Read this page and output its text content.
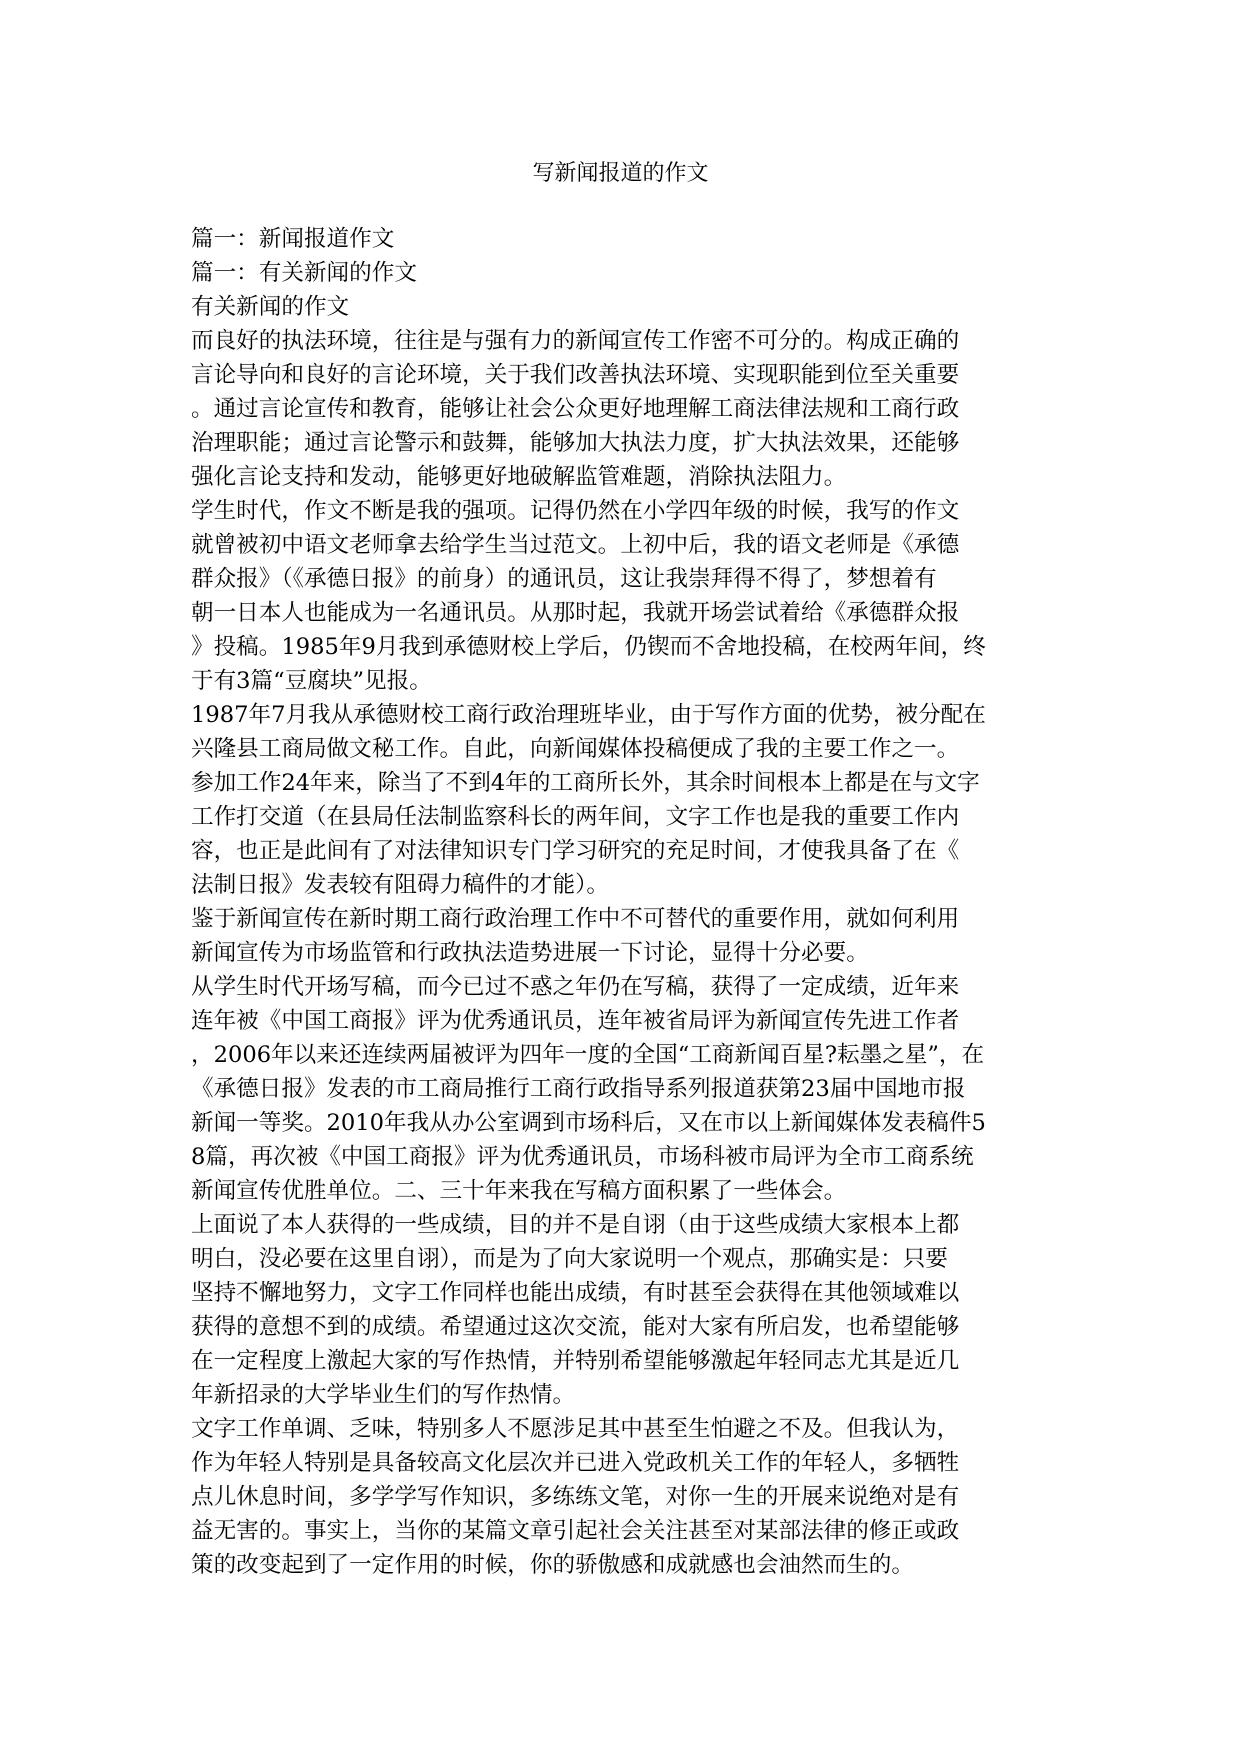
写新闻报道的作文
篇一：新闻报道作文
篇一：有关新闻的作文
有关新闻的作文
而良好的执法环境，往往是与强有力的新闻宣传工作密不可分的。构成正确的
言论导向和良好的言论环境，关于我们改善执法环境、实现职能到位至关重要
。通过言论宣传和教育，能够让社会公众更好地理解工商法律法规和工商行政
治理职能；通过言论警示和鼓舞，能够加大执法力度，扩大执法效果，还能够
强化言论支持和发动，能够更好地破解监管难题，消除执法阻力。
学生时代，作文不断是我的强项。记得仍然在小学四年级的时候，我写的作文
就曾被初中语文老师拿去给学生当过范文。上初中后，我的语文老师是《承德
群众报》（《承德日报》的前身）的通讯员，这让我崇拜得不得了，梦想着有
朝一日本人也能成为一名通讯员。从那时起，我就开场尝试着给《承德群众报
》投稿。1985年9月我到承德财校上学后，仍锲而不舍地投稿，在校两年间，终
于有3篇“豆腐块”见报。
1987年7月我从承德财校工商行政治理班毕业，由于写作方面的优势，被分配在
兴隆县工商局做文秘工作。自此，向新闻媒体投稿便成了我的主要工作之一。
参加工作24年来，除当了不到4年的工商所长外，其余时间根本上都是在与文字
工作打交道（在县局任法制监察科长的两年间，文字工作也是我的重要工作内
容，也正是此间有了对法律知识专门学习研究的充足时间，才使我具备了在《
法制日报》发表较有阻碍力稿件的才能）。
鉴于新闻宣传在新时期工商行政治理工作中不可替代的重要作用，就如何利用
新闻宣传为市场监管和行政执法造势进展一下讨论，显得十分必要。
从学生时代开场写稿，而今已过不惑之年仍在写稿，获得了一定成绩，近年来
连年被《中国工商报》评为优秀通讯员，连年被省局评为新闻宣传先进工作者
，2006年以来还连续两届被评为四年一度的全国“工商新闻百星?耘墨之星”，在
《承德日报》发表的市工商局推行工商行政指导系列报道获第23届中国地市报
新闻一等奖。2010年我从办公室调到市场科后，又在市以上新闻媒体发表稿件5
8篇，再次被《中国工商报》评为优秀通讯员，市场科被市局评为全市工商系统
新闻宣传优胜单位。二、三十年来我在写稿方面积累了一些体会。
上面说了本人获得的一些成绩，目的并不是自诩（由于这些成绩大家根本上都
明白，没必要在这里自诩），而是为了向大家说明一个观点，那确实是：只要
坚持不懈地努力，文字工作同样也能出成绩，有时甚至会获得在其他领域难以
获得的意想不到的成绩。希望通过这次交流，能对大家有所启发，也希望能够
在一定程度上激起大家的写作热情，并特别希望能够激起年轻同志尤其是近几
年新招录的大学毕业生们的写作热情。
文字工作单调、乏味，特别多人不愿涉足其中甚至生怕避之不及。但我认为，
作为年轻人特别是具备较高文化层次并已进入党政机关工作的年轻人，多牺牲
点儿休息时间，多学学写作知识，多练练文笔，对你一生的开展来说绝对是有
益无害的。事实上，当你的某篇文章引起社会关注甚至对某部法律的修正或政
策的改变起到了一定作用的时候，你的骄傲感和成就感也会油然而生的。
